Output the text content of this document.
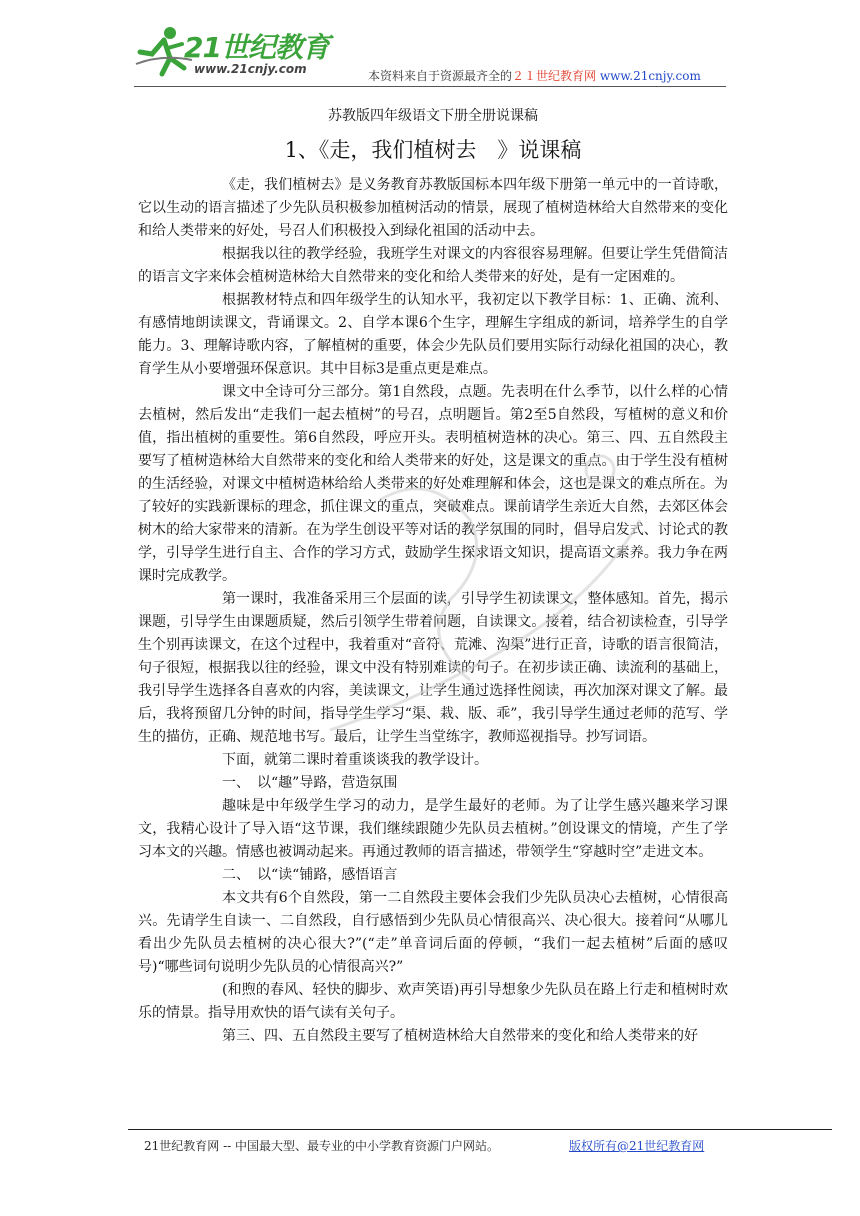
21世纪教育
www.21cnjy.com	本资料来自于资源最齐全的２１世纪教育网 www.21cnjy.com
苏教版四年级语文下册全册说课稿
1、《走，我们植树去　》说课稿

《走，我们植树去》是义务教育苏教版国标本四年级下册第一单元中的一首诗歌，它以生动的语言描述了少先队员积极参加植树活动的情景，展现了植树造林给大自然带来的变化和给人类带来的好处，号召人们积极投入到绿化祖国的活动中去。

根据我以往的教学经验，我班学生对课文的内容很容易理解。但要让学生凭借简洁的语言文字来体会植树造林给大自然带来的变化和给人类带来的好处，是有一定困难的。

根据教材特点和四年级学生的认知水平，我初定以下教学目标：1、正确、流利、有感情地朗读课文，背诵课文。2、自学本课6个生字，理解生字组成的新词，培养学生的自学能力。3、理解诗歌内容，了解植树的重要，体会少先队员们要用实际行动绿化祖国的决心，教育学生从小要增强环保意识。其中目标3是重点更是难点。

课文中全诗可分三部分。第1自然段，点题。先表明在什么季节，以什么样的心情去植树，然后发出“走我们一起去植树”的号召，点明题旨。第2至5自然段，写植树的意义和价值，指出植树的重要性。第6自然段，呼应开头。表明植树造林的决心。第三、四、五自然段主要写了植树造林给大自然带来的变化和给人类带来的好处，这是课文的重点。由于学生没有植树的生活经验，对课文中植树造林给给人类带来的好处难理解和体会，这也是课文的难点所在。为了较好的实践新课标的理念，抓住课文的重点，突破难点。课前请学生亲近大自然，去郊区体会树木的给大家带来的清新。在为学生创设平等对话的教学氛围的同时，倡导启发式、讨论式的教学，引导学生进行自主、合作的学习方式，鼓励学生探求语文知识，提高语文素养。我力争在两课时完成教学。

第一课时，我准备采用三个层面的读，引导学生初读课文，整体感知。首先，揭示课题，引导学生由课题质疑，然后引领学生带着问题，自读课文。接着，结合初读检查，引导学生个别再读课文，在这个过程中，我着重对“音符、荒滩、沟渠”进行正音，诗歌的语言很简洁，句子很短，根据我以往的经验，课文中没有特别难读的句子。在初步读正确、读流利的基础上，我引导学生选择各自喜欢的内容，美读课文，让学生通过选择性阅读，再次加深对课文了解。最后，我将预留几分钟的时间，指导学生学习“渠、栽、版、乖”，我引导学生通过老师的范写、学生的描仿，正确、规范地书写。最后，让学生当堂练字，教师巡视指导。抄写词语。

下面，就第二课时着重谈谈我的教学设计。

一、　以“趣”导路，营造氛围

趣味是中年级学生学习的动力，是学生最好的老师。为了让学生感兴趣来学习课文，我精心设计了导入语“这节课，我们继续跟随少先队员去植树。”创设课文的情境，产生了学习本文的兴趣。情感也被调动起来。再通过教师的语言描述，带领学生“穿越时空”走进文本。

二、　以“读“铺路，感悟语言

本文共有6个自然段，第一二自然段主要体会我们少先队员决心去植树，心情很高兴。先请学生自读一、二自然段，自行感悟到少先队员心情很高兴、决心很大。接着问“从哪儿看出少先队员去植树的决心很大?”(“走”单音词后面的停顿，“我们一起去植树”后面的感叹号)“哪些词句说明少先队员的心情很高兴?”

(和煦的春风、轻快的脚步、欢声笑语)再引导想象少先队员在路上行走和植树时欢乐的情景。指导用欢快的语气读有关句子。

第三、四、五自然段主要写了植树造林给大自然带来的变化和给人类带来的好

21世纪教育网 -- 中国最大型、最专业的中小学教育资源门户网站。	版权所有@21世纪教育网
